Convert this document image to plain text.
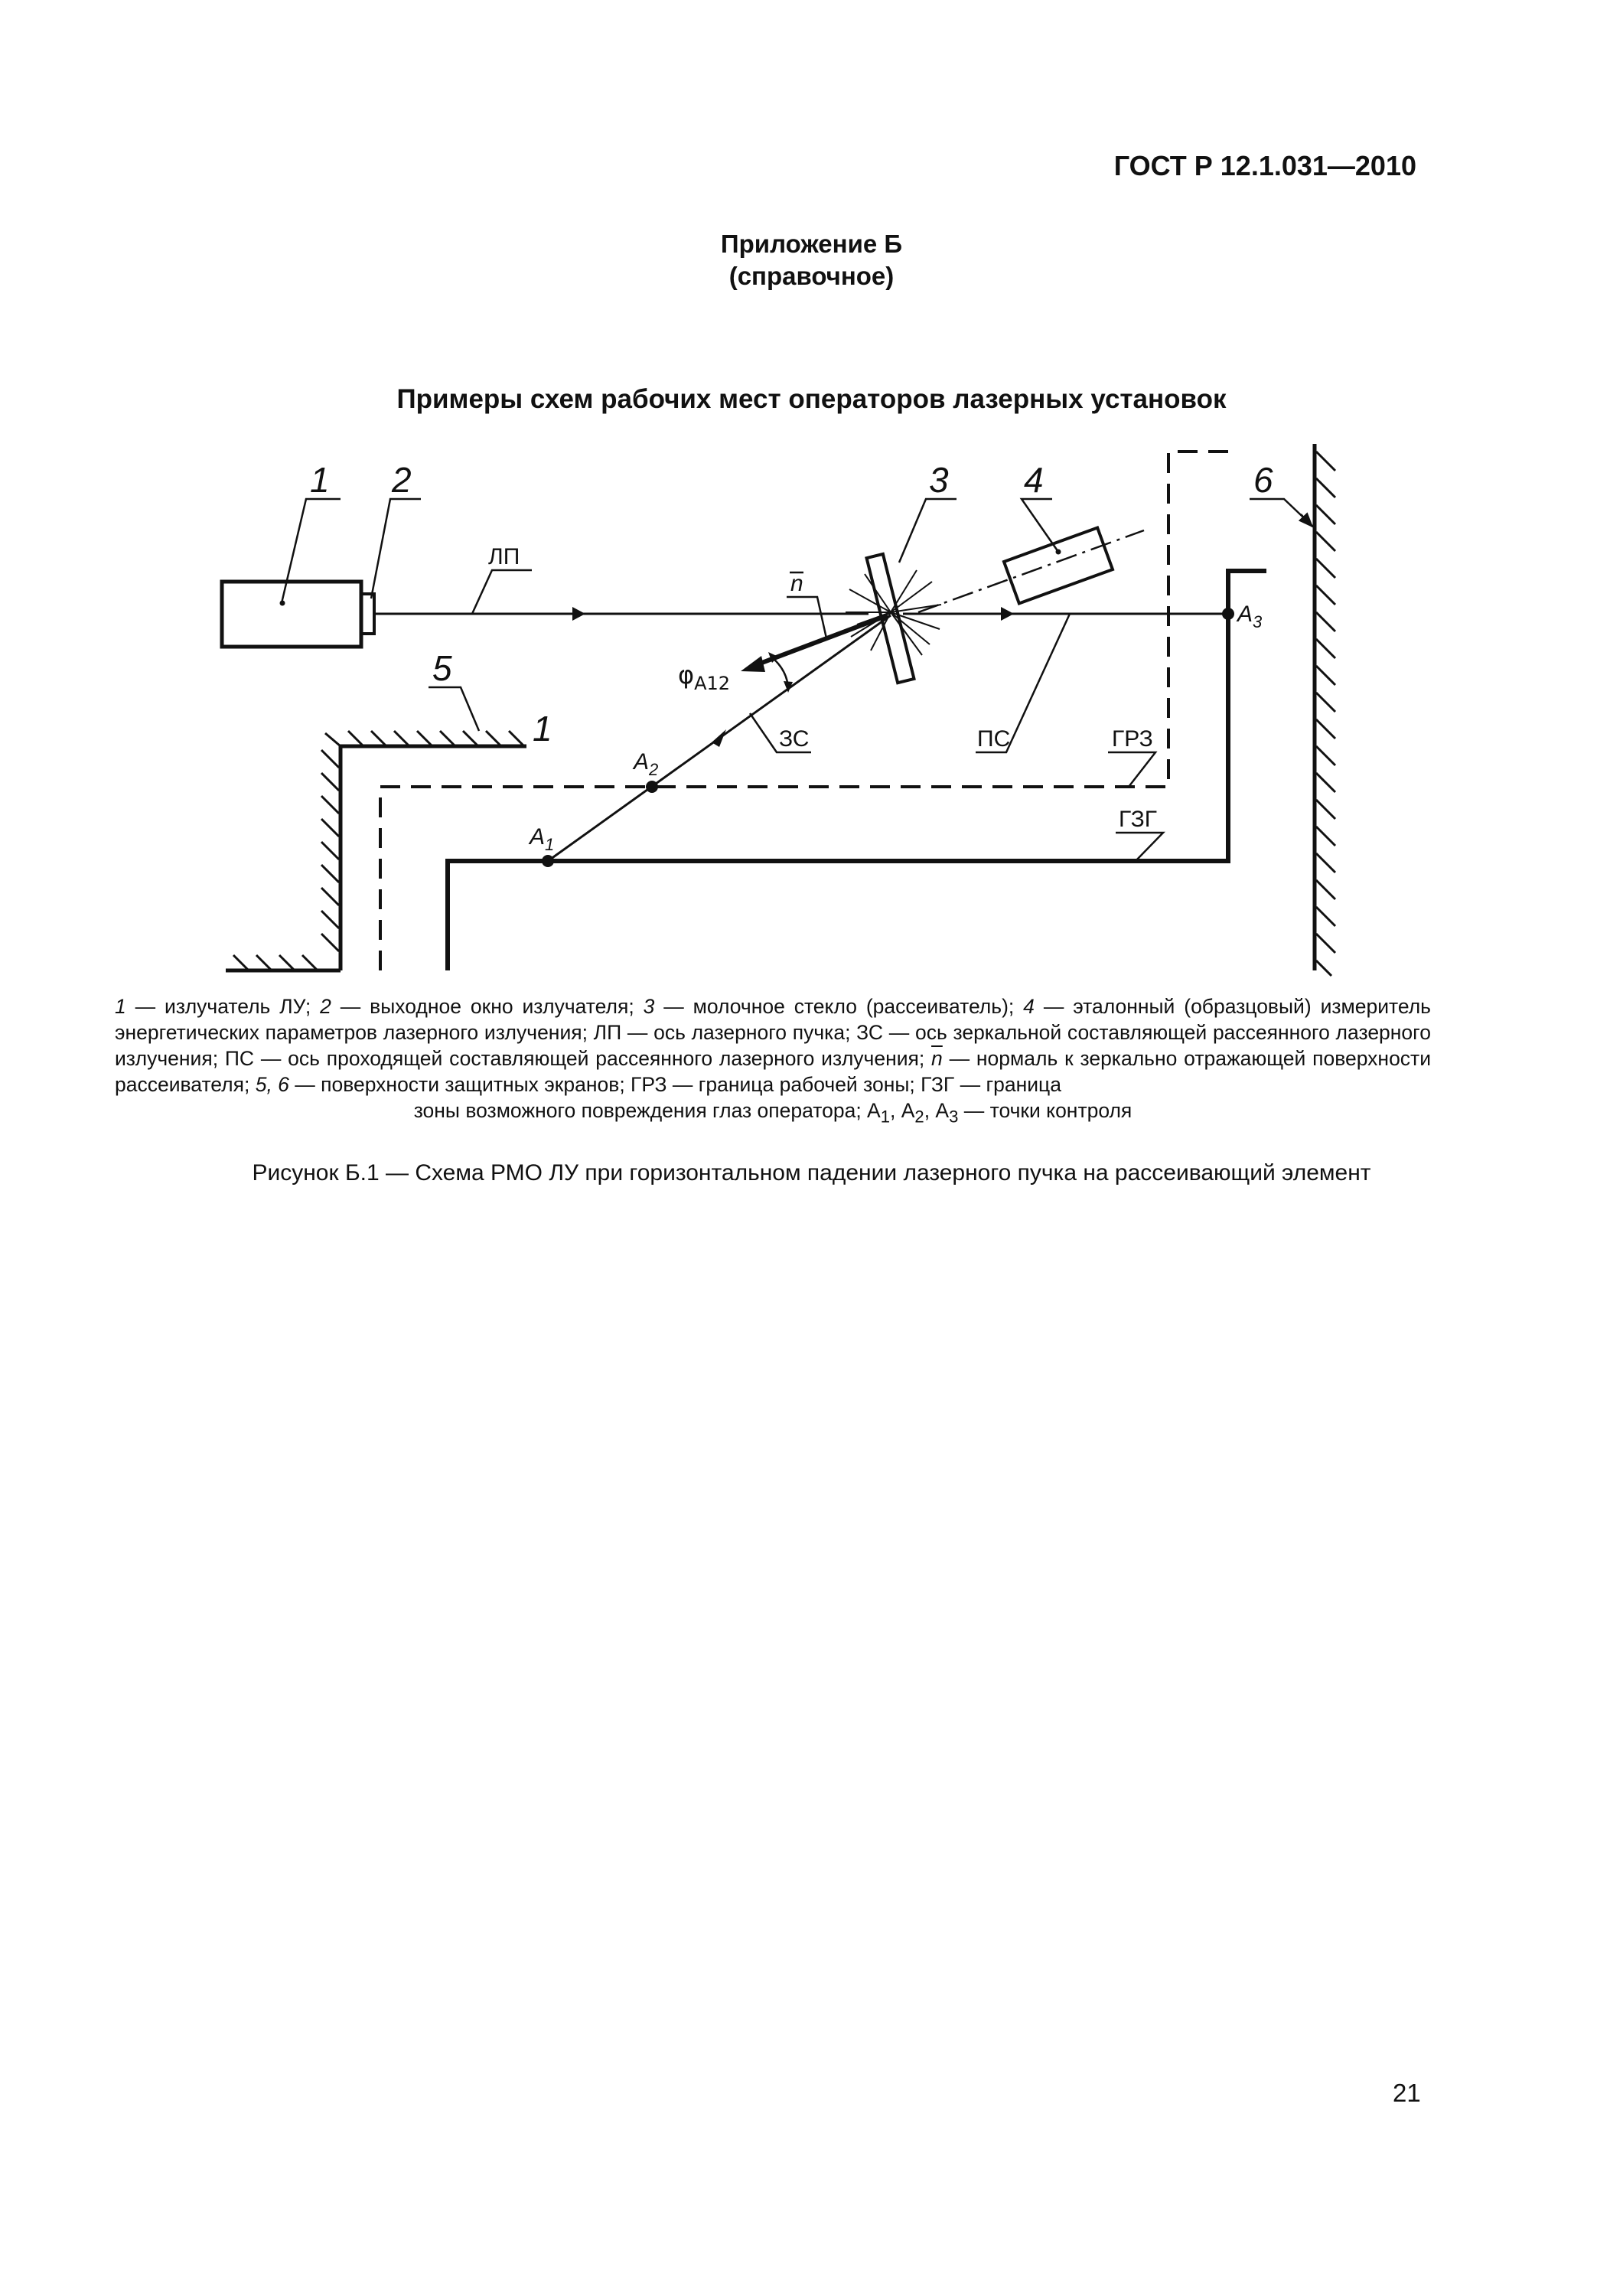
ГОСТ Р 12.1.031—2010
Приложение Б
(справочное)
Примеры схем рабочих мест операторов лазерных установок
1 2	3 4
5
6
1
ЛП
n
$\varphi_{A12}$
ЗС	ПС	ГРЗ
ГЗГ
$A_1$
$A_2$
$A_3$
1 — излучатель ЛУ; 2 — выходное окно излучателя; 3 — молочное стекло (рассеиватель); 4 — эталонный (образцовый) измеритель энергетических параметров лазерного излучения; ЛП — ось лазерного пучка; ЗС — ось зеркальной составляющей рассеянного лазерного излучения; ПС — ось проходящей составляющей рассеянного лазерного излучения; $\overline{n}$ — нормаль к зеркально отражающей поверхности рассеивателя; 5, 6 — поверхности защитных экранов; ГРЗ — граница рабочей зоны; ГЗГ — граница
зоны возможного повреждения глаз оператора; $А_1$, $А_2$, $А_3$ — точки контроля
Рисунок Б.1 — Схема РМО ЛУ при горизонтальном падении лазерного пучка на рассеивающий элемент
21
